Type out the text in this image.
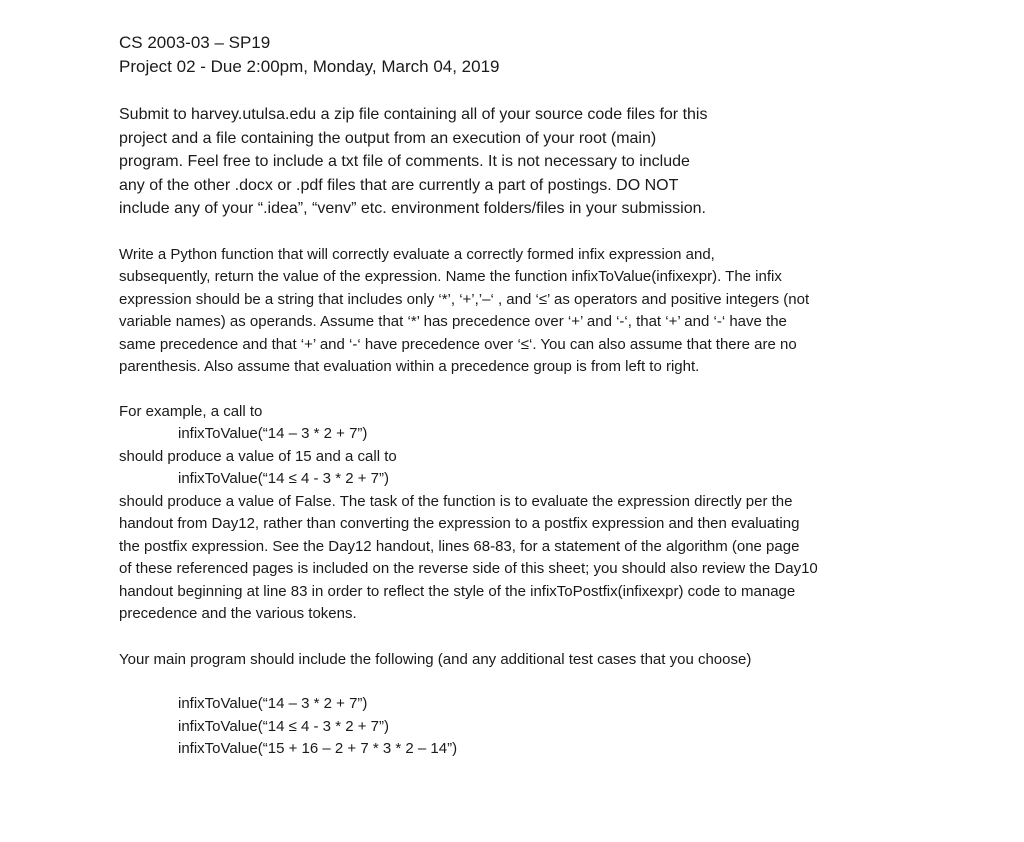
CS 2003-03 – SP19
Project 02 - Due 2:00pm, Monday, March 04, 2019
Submit to harvey.utulsa.edu a zip file containing all of your source code files for this
project and a file containing the output from an execution of your root (main)
program. Feel free to include a txt file of comments. It is not necessary to include
any of the other .docx or .pdf files that are currently a part of postings. DO NOT
include any of your “.idea”, “venv” etc. environment folders/files in your submission.
Write a Python function that will correctly evaluate a correctly formed infix expression and,
subsequently, return the value of the expression. Name the function infixToValue(infixexpr). The infix
expression should be a string that includes only ‘*’, ‘+’,’–‘ , and ‘≤’ as operators and positive integers (not
variable names) as operands. Assume that ‘*’ has precedence over ‘+’ and ‘-‘, that ‘+’ and ‘-‘ have the
same precedence and that ‘+’ and ‘-‘ have precedence over ‘≤‘. You can also assume that there are no
parenthesis. Also assume that evaluation within a precedence group is from left to right.
For example, a call to
infixToValue(“14 – 3 * 2 + 7”)
should produce a value of 15 and a call to
infixToValue(“14 ≤ 4 - 3 * 2 + 7”)
should produce a value of False. The task of the function is to evaluate the expression directly per the
handout from Day12, rather than converting the expression to a postfix expression and then evaluating
the postfix expression. See the Day12 handout, lines 68-83, for a statement of the algorithm (one page
of these referenced pages is included on the reverse side of this sheet; you should also review the Day10
handout beginning at line 83 in order to reflect the style of the infixToPostfix(infixexpr) code to manage
precedence and the various tokens.
Your main program should include the following (and any additional test cases that you choose)
infixToValue(“14 – 3 * 2 + 7”)
infixToValue(“14 ≤ 4 - 3 * 2 + 7”)
infixToValue(“15 + 16 – 2 + 7 * 3 * 2 – 14”)
